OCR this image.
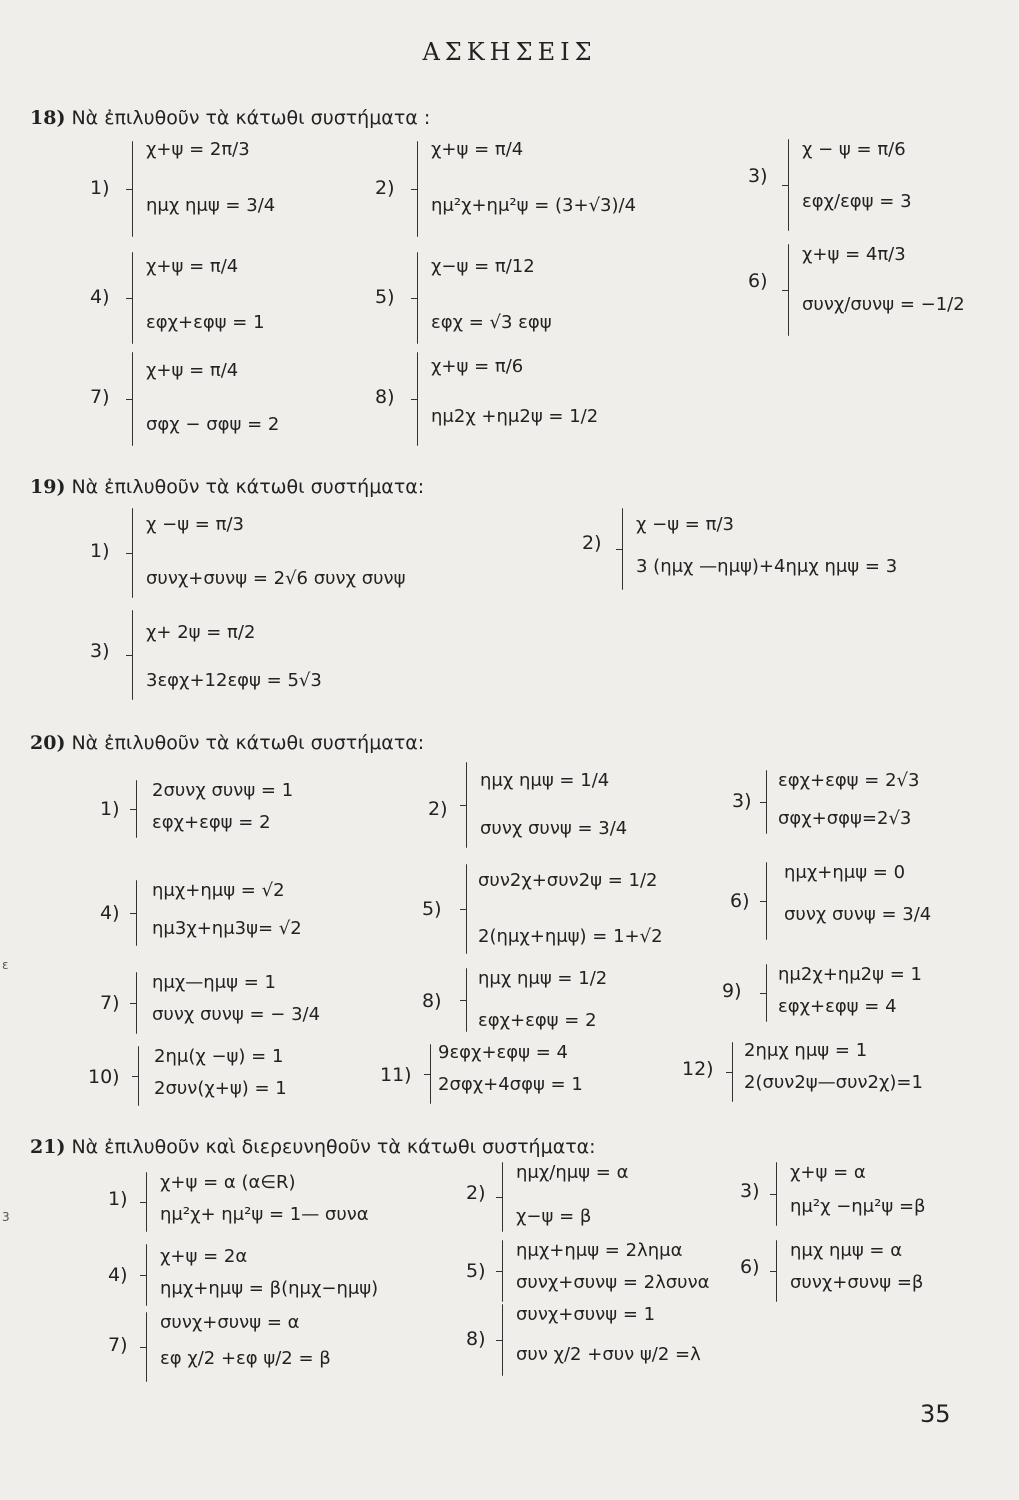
ΑΣΚΗΣΕΙΣ
18) Νὰ ἐπιλυθοῦν τὰ κάτωθι συστήματα :
1)
χ+ψ = 2π/3
ημχ ημψ = 3/4
2)
χ+ψ = π/4
ημ²χ+ημ²ψ = (3+√3)/4
3)
χ − ψ = π/6
εφχ/εφψ = 3
4)
χ+ψ = π/4
εφχ+εφψ = 1
5)
χ−ψ = π/12
εφχ = √3 εφψ
6)
χ+ψ = 4π/3
συνχ/συνψ = −1/2
7)
χ+ψ = π/4
σφχ − σφψ = 2
8)
χ+ψ = π/6
ημ2χ +ημ2ψ = 1/2
19) Νὰ ἐπιλυθοῦν τὰ κάτωθι συστήματα:
1)
χ −ψ = π/3
συνχ+συνψ = 2√6 συνχ συνψ
2)
χ −ψ = π/3
3 (ημχ —ημψ)+4ημχ ημψ = 3
3)
χ+ 2ψ = π/2
3εφχ+12εφψ = 5√3
20) Νὰ ἐπιλυθοῦν τὰ κάτωθι συστήματα:
1)
2συνχ συνψ = 1
εφχ+εφψ = 2
2)
ημχ ημψ = 1/4
συνχ συνψ = 3/4
3)
εφχ+εφψ = 2√3
σφχ+σφψ=2√3
4)
ημχ+ημψ = √2
ημ3χ+ημ3ψ= √2
5)
συν2χ+συν2ψ = 1/2
2(ημχ+ημψ) = 1+√2
6)
ημχ+ημψ = 0
συνχ συνψ = 3/4
7)
ημχ—ημψ = 1
συνχ συνψ = − 3/4
8)
ημχ ημψ = 1/2
εφχ+εφψ = 2
9)
ημ2χ+ημ2ψ = 1
εφχ+εφψ = 4
10)
2ημ(χ −ψ) = 1
2συν(χ+ψ) = 1
11)
9εφχ+εφψ = 4
2σφχ+4σφψ = 1
12)
2ημχ ημψ = 1
2(συν2ψ—συν2χ)=1
21) Νὰ ἐπιλυθοῦν καὶ διερευνηθοῦν τὰ κάτωθι συστήματα:
1)
χ+ψ = α (α∈R)
ημ²χ+ ημ²ψ = 1— συνα
2)
ημχ/ημψ = α
χ−ψ = β
3)
χ+ψ = α
ημ²χ −ημ²ψ =β
4)
χ+ψ = 2α
ημχ+ημψ = β(ημχ−ημψ)
5)
ημχ+ημψ = 2λημα
συνχ+συνψ = 2λσυνα
6)
ημχ ημψ = α
συνχ+συνψ =β
7)
συνχ+συνψ = α
εφ χ/2 +εφ ψ/2 = β
8)
συνχ+συνψ = 1
συν χ/2 +συν ψ/2 =λ
35
ε
3
